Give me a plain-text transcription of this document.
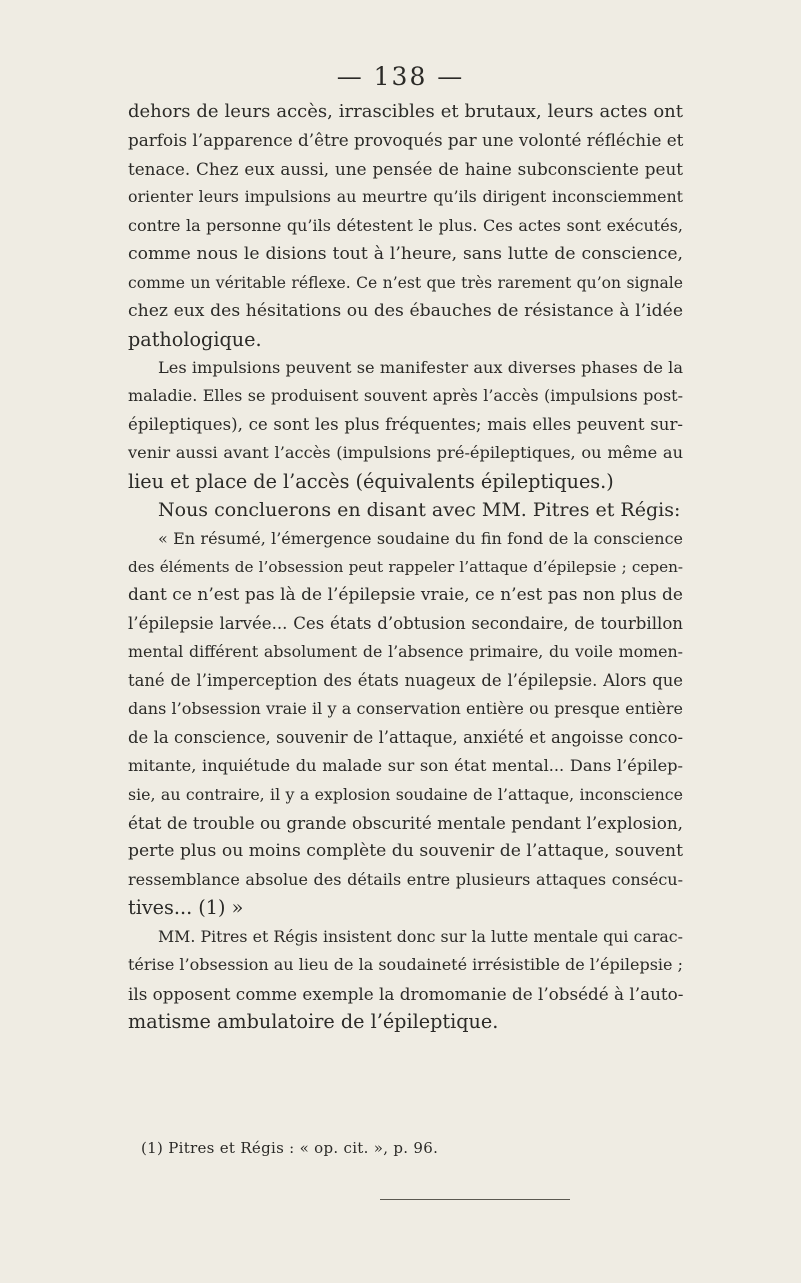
— 138 —
dehors de leurs accès, irrascibles et brutaux, leurs actes ont
parfois l’apparence d’être provoqués par une volonté réfléchie et
tenace. Chez eux aussi, une pensée de haine subconsciente peut
orienter leurs impulsions au meurtre qu’ils dirigent inconsciemment
contre la personne qu’ils détestent le plus. Ces actes sont exécutés,
comme nous le disions tout à l’heure, sans lutte de conscience,
comme un véritable réflexe. Ce n’est que très rarement qu’on signale
chez eux des hésitations ou des ébauches de résistance à l’idée
pathologique.
Les impulsions peuvent se manifester aux diverses phases de la
maladie. Elles se produisent souvent après l’accès (impulsions post-
épileptiques), ce sont les plus fréquentes; mais elles peuvent sur-
venir aussi avant l’accès (impulsions pré-épileptiques, ou même au
lieu et place de l’accès (équivalents épileptiques.)
Nous concluerons en disant avec MM. Pitres et Régis:
« En résumé, l’émergence soudaine du fin fond de la conscience
des éléments de l’obsession peut rappeler l’attaque d’épilepsie ; cepen-
dant ce n’est pas là de l’épilepsie vraie, ce n’est pas non plus de
l’épilepsie larvée... Ces états d’obtusion secondaire, de tourbillon
mental différent absolument de l’absence primaire, du voile momen-
tané de l’imperception des états nuageux de l’épilepsie. Alors que
dans l’obsession vraie il y a conservation entière ou presque entière
de la conscience, souvenir de l’attaque, anxiété et angoisse conco-
mitante, inquiétude du malade sur son état mental... Dans l’épilep-
sie, au contraire, il y a explosion soudaine de l’attaque, inconscience
état de trouble ou grande obscurité mentale pendant l’explosion,
perte plus ou moins complète du souvenir de l’attaque, souvent
ressemblance absolue des détails entre plusieurs attaques consécu-
tives... (1) »
MM. Pitres et Régis insistent donc sur la lutte mentale qui carac-
térise l’obsession au lieu de la soudaineté irrésistible de l’épilepsie ;
ils opposent comme exemple la dromomanie de l’obsédé à l’auto-
matisme ambulatoire de l’épileptique.
(1) Pitres et Régis : « op. cit. », p. 96.
